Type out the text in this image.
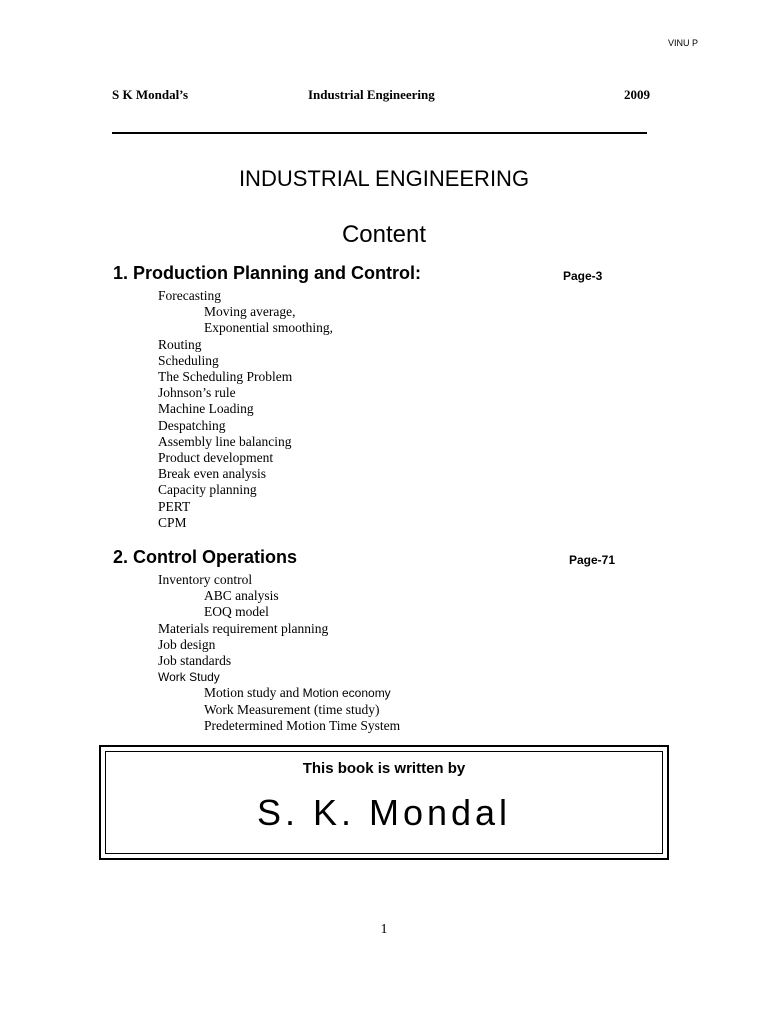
VINU P
S K Mondal’s	Industrial Engineering	2009
INDUSTRIAL ENGINEERING
Content
1. Production Planning and Control:	Page-3
Forecasting
Moving average,
Exponential smoothing,
Routing
Scheduling
The Scheduling Problem
Johnson’s rule
Machine Loading
Despatching
Assembly line balancing
Product development
Break even analysis
Capacity planning
PERT
CPM
2. Control Operations	Page-71
Inventory control
ABC analysis
EOQ model
Materials requirement planning
Job design
Job standards
Work Study
Motion study and Motion economy
Work Measurement (time study)
Predetermined Motion Time System
This book is written by
S. K. Mondal
1
